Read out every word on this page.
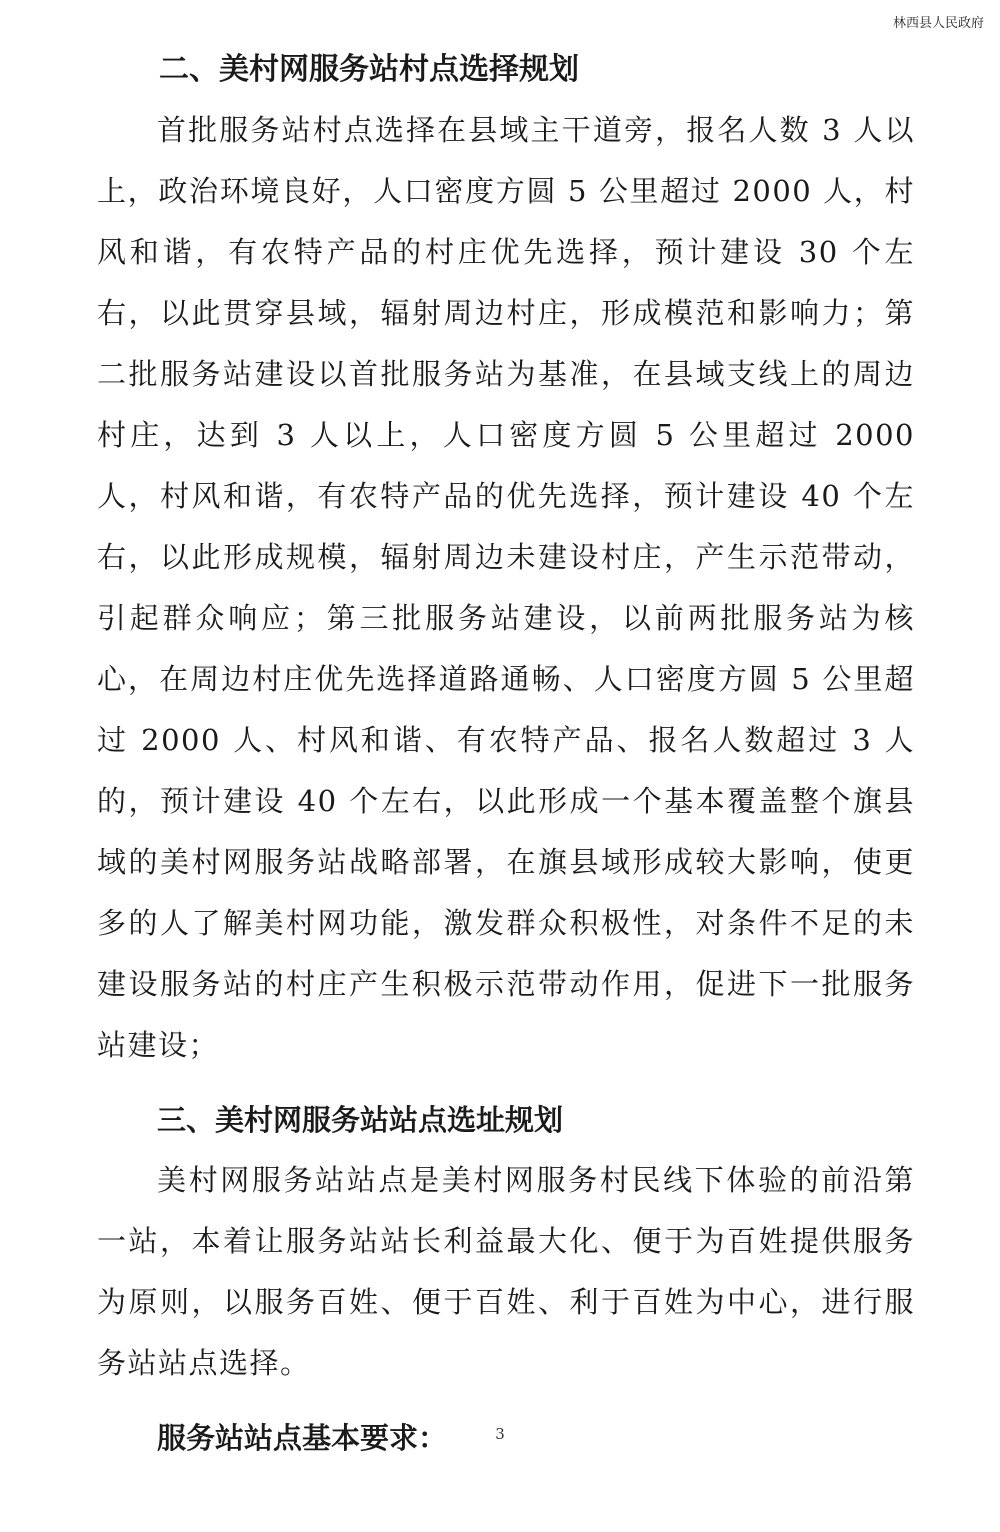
林西县人民政府
二、美村网服务站村点选择规划

首批服务站村点选择在县域主干道旁，报名人数 3 人以上，政治环境良好，人口密度方圆 5 公里超过 2000 人，村风和谐，有农特产品的村庄优先选择，预计建设 30 个左右，以此贯穿县域，辐射周边村庄，形成模范和影响力；第二批服务站建设以首批服务站为基准，在县域支线上的周边村庄，达到 3 人以上，人口密度方圆 5 公里超过 2000 人，村风和谐，有农特产品的优先选择，预计建设 40 个左右，以此形成规模，辐射周边未建设村庄，产生示范带动，引起群众响应；第三批服务站建设，以前两批服务站为核心，在周边村庄优先选择道路通畅、人口密度方圆 5 公里超过 2000 人、村风和谐、有农特产品、报名人数超过 3 人的，预计建设 40 个左右，以此形成一个基本覆盖整个旗县域的美村网服务站战略部署，在旗县域形成较大影响，使更多的人了解美村网功能，激发群众积极性，对条件不足的未建设服务站的村庄产生积极示范带动作用，促进下一批服务站建设；

三、美村网服务站站点选址规划

美村网服务站站点是美村网服务村民线下体验的前沿第一站，本着让服务站站长利益最大化、便于为百姓提供服务为原则，以服务百姓、便于百姓、利于百姓为中心，进行服务站站点选择。

服务站站点基本要求：	3
